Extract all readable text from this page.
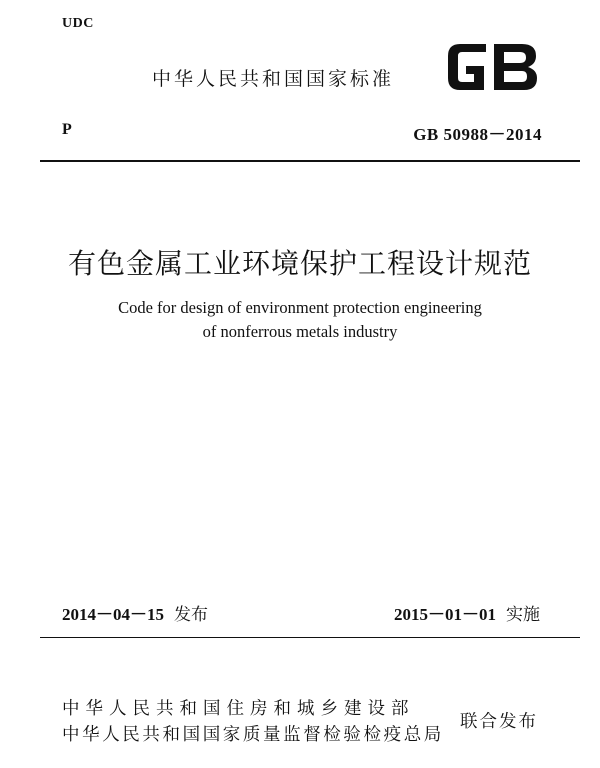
UDC
中华人民共和国国家标准
P	GB 50988－2014
有色金属工业环境保护工程设计规范
Code for design of environment protection engineering
of nonferrous metals industry
2014－04－15 发布	2015－01－01 实施
中华人民共和国住房和城乡建设部
中华人民共和国国家质量监督检验检疫总局
联合发布
